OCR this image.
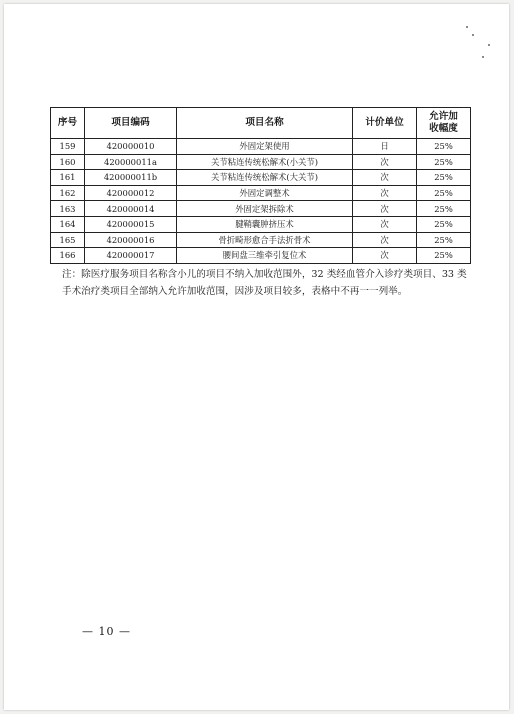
序号	项目编码	项目名称	计价单位	允许加
收幅度

159	420000010	外固定架使用	日	25%
160	420000011a	关节粘连传统松解术(小关节)	次	25%
161	420000011b	关节粘连传统松解术(大关节)	次	25%
162	420000012	外固定调整术	次	25%
163	420000014	外固定架拆除术	次	25%
164	420000015	腱鞘囊肿挤压术	次	25%
165	420000016	骨折畸形愈合手法折骨术	次	25%
166	420000017	腰间盘三维牵引复位术	次	25%

注：除医疗服务项目名称含小儿的项目不纳入加收范围外，32 类经血管介入诊疗类项目、33 类手术治疗类项目全部纳入允许加收范围，因涉及项目较多，表格中不再一一列举。

— 10 —
